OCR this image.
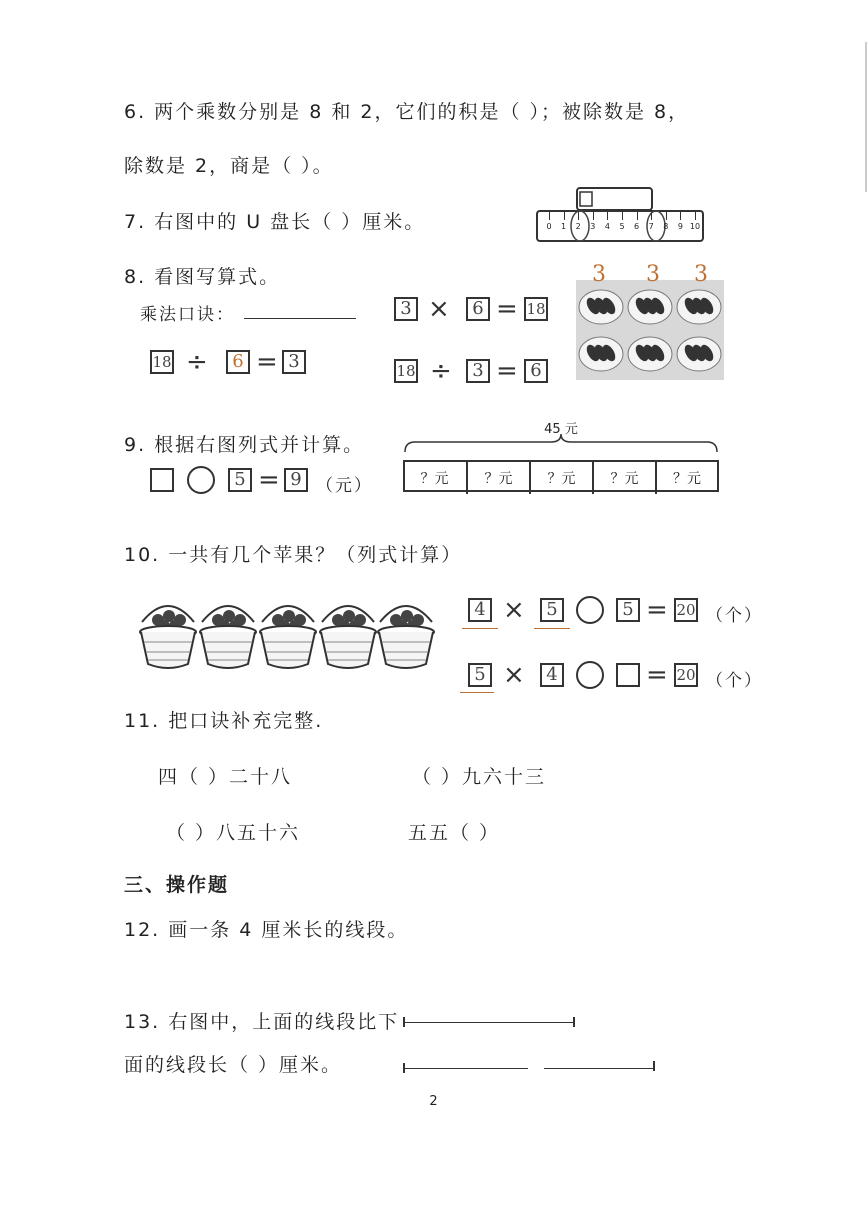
6. 两个乘数分别是 8 和 2，它们的积是（ ）；被除数是 8，
除数是 2，商是（ ）。
7. 右图中的 U 盘长（ ）厘米。	0	1	2	3	4	5	6	7	8	9 10
8. 看图写算式。
乘法口诀：	3 ×	6 = 18
18 ÷	6 = 3	18 ÷	3 = 6
3 3 3
9. 根据右图列式并计算。
5 = 9 （元）
45 元
？元	？元	？元	？元	？元
10. 一共有几个苹果？（列式计算）
4 ×	5	5 = 20 （个）
5 ×	4	= 20 （个）
11. 把口诀补充完整.
四（ ）二十八	（ ）九六十三
（ ）八五十六	五五（ ）
三、操作题
12. 画一条 4 厘米长的线段。
13. 右图中，上面的线段比下
面的线段长（ ）厘米。
2
